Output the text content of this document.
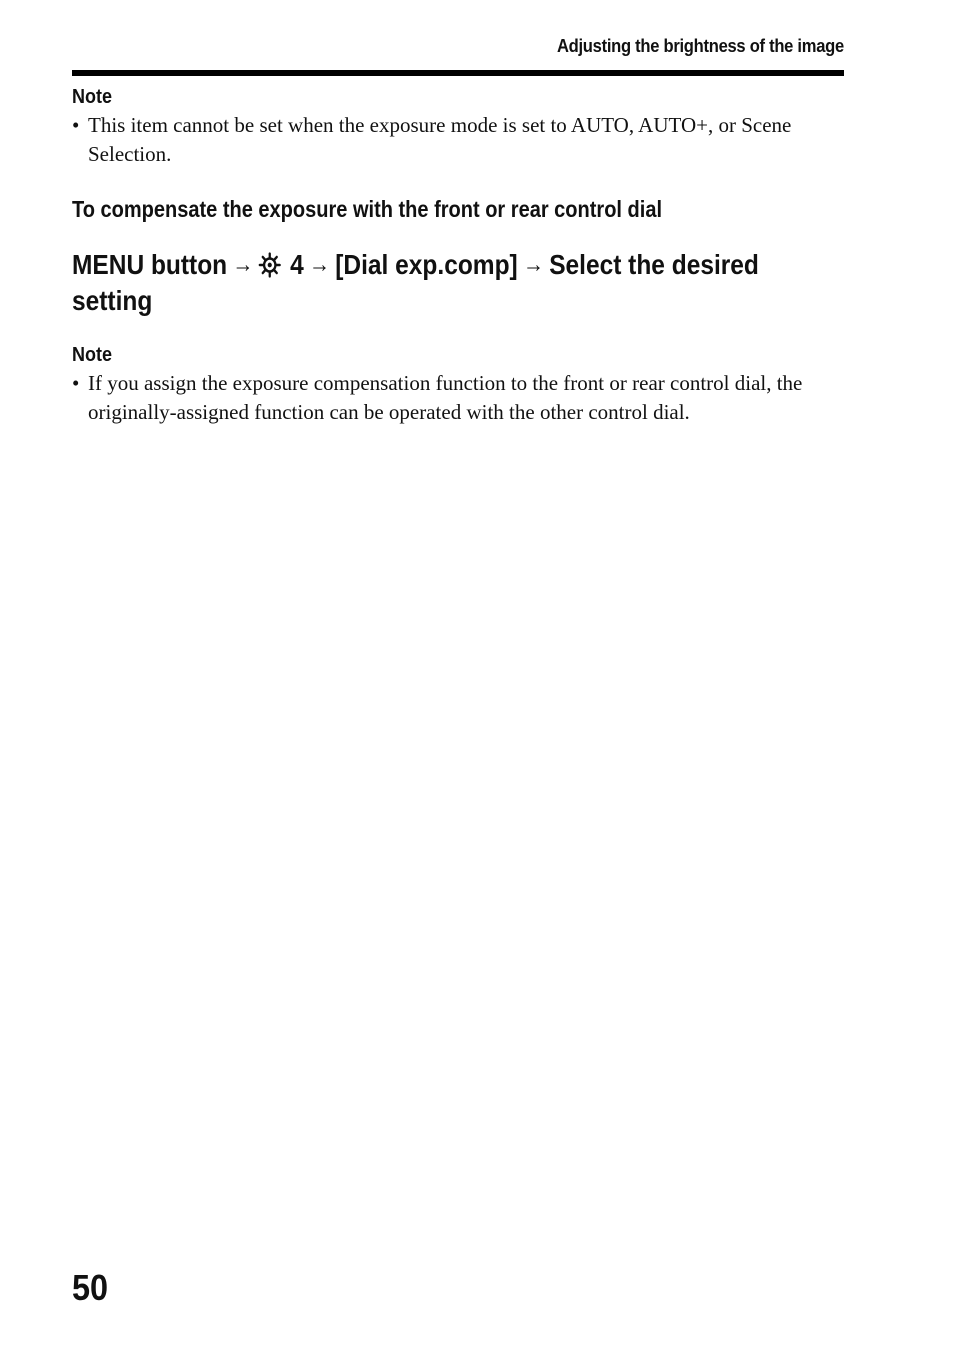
Adjusting the brightness of the image
Note
• This item cannot be set when the exposure mode is set to AUTO, AUTO+, or Scene Selection.
To compensate the exposure with the front or rear control dial
MENU button → 4 → [Dial exp.comp] → Select the desired setting
Note
• If you assign the exposure compensation function to the front or rear control dial, the originally-assigned function can be operated with the other control dial.
50
